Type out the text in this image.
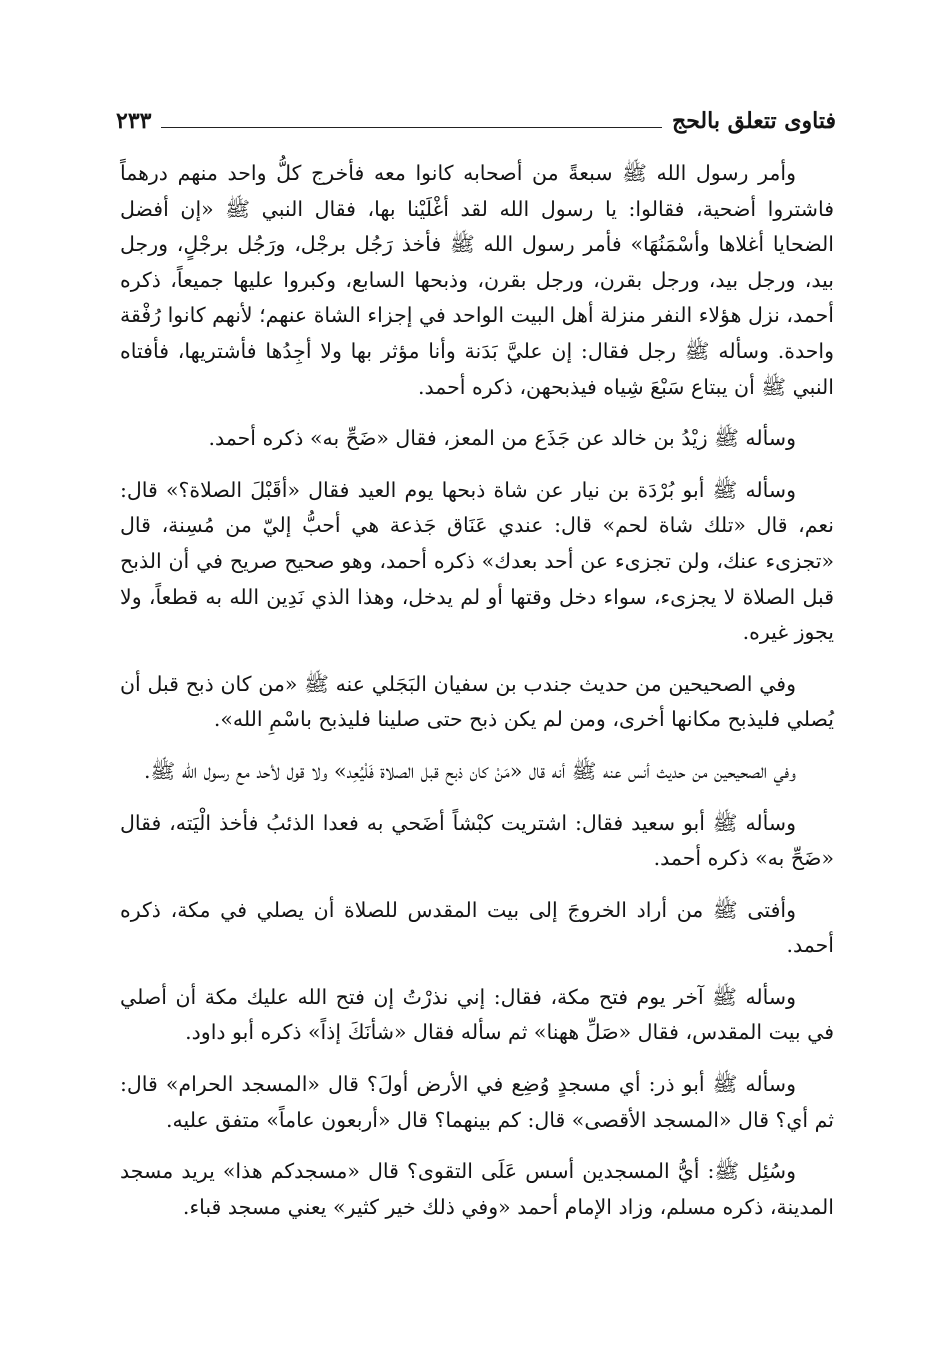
فتاوى تتعلق بالحج
٢٣٣

وأمر رسول الله ﷺ سبعةً من أصحابه كانوا معه فأخرج كلُّ واحد منهم درهماً فاشتروا أضحية، فقالوا: يا رسول الله لقد أغْلَيْنا بها، فقال النبي ﷺ «إن أفضل الضحايا أغلاها وأسْمَنُهَا» فأمر رسول الله ﷺ فأخذ رَجُل برجْل، ورَجُل برجْلٍ، ورجل بيد، ورجل بيد، ورجل بقرن، ورجل بقرن، وذبحها السابع، وكبروا عليها جميعاً، ذكره أحمد، نزل هؤلاء النفر منزلة أهل البيت الواحد في إجزاء الشاة عنهم؛ لأنهم كانوا رُفْقة واحدة. وسأله ﷺ رجل فقال: إن عليَّ بَدَنة وأنا مؤثر بها ولا أجِدُها فأشتريها، فأفتاه النبي ﷺ أن يبتاع سَبْعَ شِياه فيذبحهن، ذكره أحمد.

وسأله ﷺ زيْدُ بن خالد عن جَذَع من المعز، فقال «ضَحِّ به» ذكره أحمد.

وسأله ﷺ أبو بُرْدَة بن نيار عن شاة ذبحها يوم العيد فقال «أقَبْلَ الصلاة؟» قال: نعم، قال «تلك شاة لحم» قال: عندي عَنَاق جَذعة هي أحبُّ إليّ من مُسِنة، قال «تجزىء عنك، ولن تجزىء عن أحد بعدك» ذكره أحمد، وهو صحيح صريح في أن الذبح قبل الصلاة لا يجزىء، سواء دخل وقتها أو لم يدخل، وهذا الذي نَدِين الله به قطعاً، ولا يجوز غيره.

وفي الصحيحين من حديث جندب بن سفيان البَجَلي عنه ﷺ «من كان ذبح قبل أن يُصلي فليذبح مكانها أخرى، ومن لم يكن ذبح حتى صلينا فليذبح باسْمِ الله».

وفي الصحيحين من حديث أنس عنه ﷺ أنه قال «مَنْ كان ذبح قبل الصلاة فَلْيُعِد» ولا قول لأحد مع رسول الله ﷺ.

وسأله ﷺ أبو سعيد فقال: اشتريت كبْشاً أضَحي به فعدا الذئبُ فأخذ الْيَته، فقال «ضَحِّ به» ذكره أحمد.

وأفتى ﷺ من أراد الخروجَ إلى بيت المقدس للصلاة أن يصلي في مكة، ذكره أحمد.

وسأله ﷺ آخر يوم فتح مكة، فقال: إني نذرْتُ إن فتح الله عليك مكة أن أصلي في بيت المقدس، فقال «صَلِّ ههنا» ثم سأله فقال «شأنَكَ إذاً» ذكره أبو داود.

وسأله ﷺ أبو ذر: أي مسجدٍ وُضِع في الأرض أولَ؟ قال «المسجد الحرام» قال: ثم أي؟ قال «المسجد الأقصى» قال: كم بينهما؟ قال «أربعون عاماً» متفق عليه.

وسُئِل ﷺ: أيُّ المسجدين أسس عَلَى التقوى؟ قال «مسجدكم هذا» يريد مسجد المدينة، ذكره مسلم، وزاد الإمام أحمد «وفي ذلك خير كثير» يعني مسجد قباء.
